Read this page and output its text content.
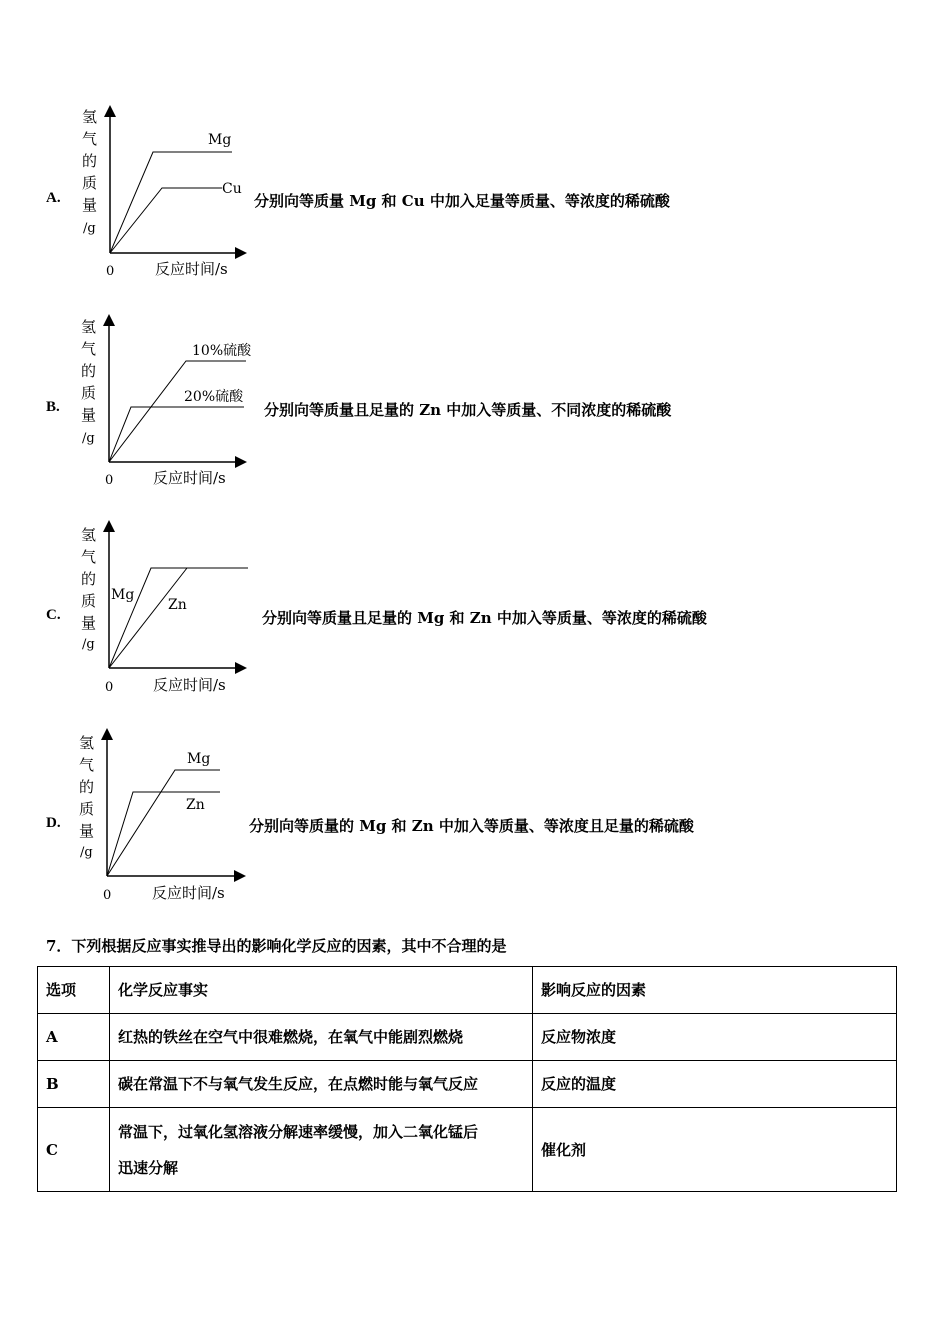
Mg
Cu
氢
气
的
质
量
/g
0	反应时间/s
A.	分别向等质量 Mg 和 Cu 中加入足量等质量、等浓度的稀硫酸
10%硫酸
20%硫酸
氢
气
的
质
量
/g
0	反应时间/s
B.	分别向等质量且足量的 Zn 中加入等质量、不同浓度的稀硫酸
Mg
Zn
氢
气
的
质
量
/g
0	反应时间/s
C.	分别向等质量且足量的 Mg 和 Zn 中加入等质量、等浓度的稀硫酸
Mg
Zn
氢
气
的
质
量
/g
0	反应时间/s
D.	分别向等质量的 Mg 和 Zn 中加入等质量、等浓度且足量的稀硫酸
7．下列根据反应事实推导出的影响化学反应的因素，其中不合理的是
选项	化学反应事实	影响反应的因素
A	红热的铁丝在空气中很难燃烧，在氧气中能剧烈燃烧	反应物浓度
B	碳在常温下不与氧气发生反应，在点燃时能与氧气反应	反应的温度
C	常温下，过氧化氢溶液分解速率缓慢，加入二氧化锰后
迅速分解	催化剂
